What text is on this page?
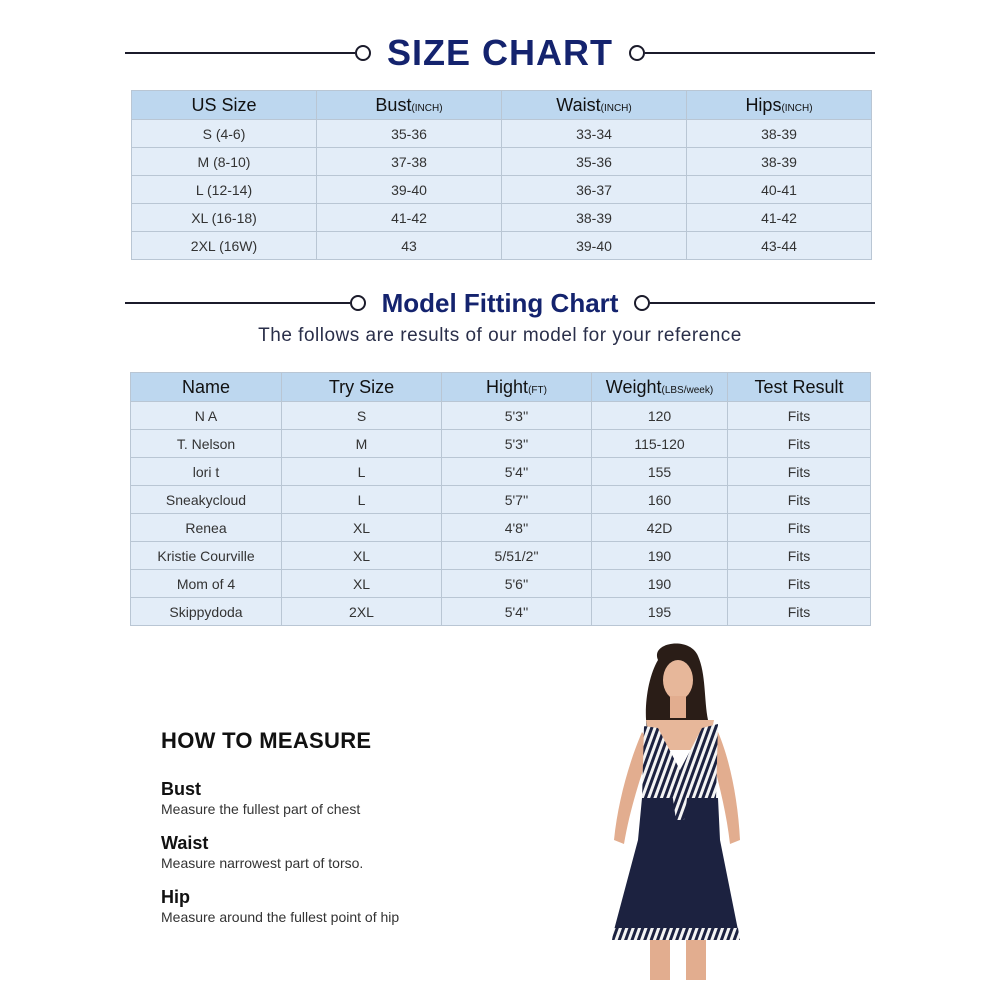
SIZE CHART
US Size	Bust(INCH)	Waist(INCH)	Hips(INCH)
S (4-6)	35-36	33-34	38-39
M (8-10)	37-38	35-36	38-39
L (12-14)	39-40	36-37	40-41
XL (16-18)	41-42	38-39	41-42
2XL (16W)	43	39-40	43-44
Model Fitting Chart
The follows are results of our model for your reference
Name	Try Size	Hight(FT)	Weight(LBS/week)	Test Result
N A	S	5'3''	120	Fits
T. Nelson	M	5'3''	115-120	Fits
lori t	L	5'4''	155	Fits
Sneakycloud	L	5'7''	160	Fits
Renea	XL	4'8''	42D	Fits
Kristie Courville	XL	5/51/2"	190	Fits
Mom of 4	XL	5'6''	190	Fits
Skippydoda	2XL	5'4''	195	Fits
HOW TO MEASURE
Bust
Measure the fullest part of chest
Waist
Measure narrowest part of torso.
Hip
Measure around the fullest point of hip
